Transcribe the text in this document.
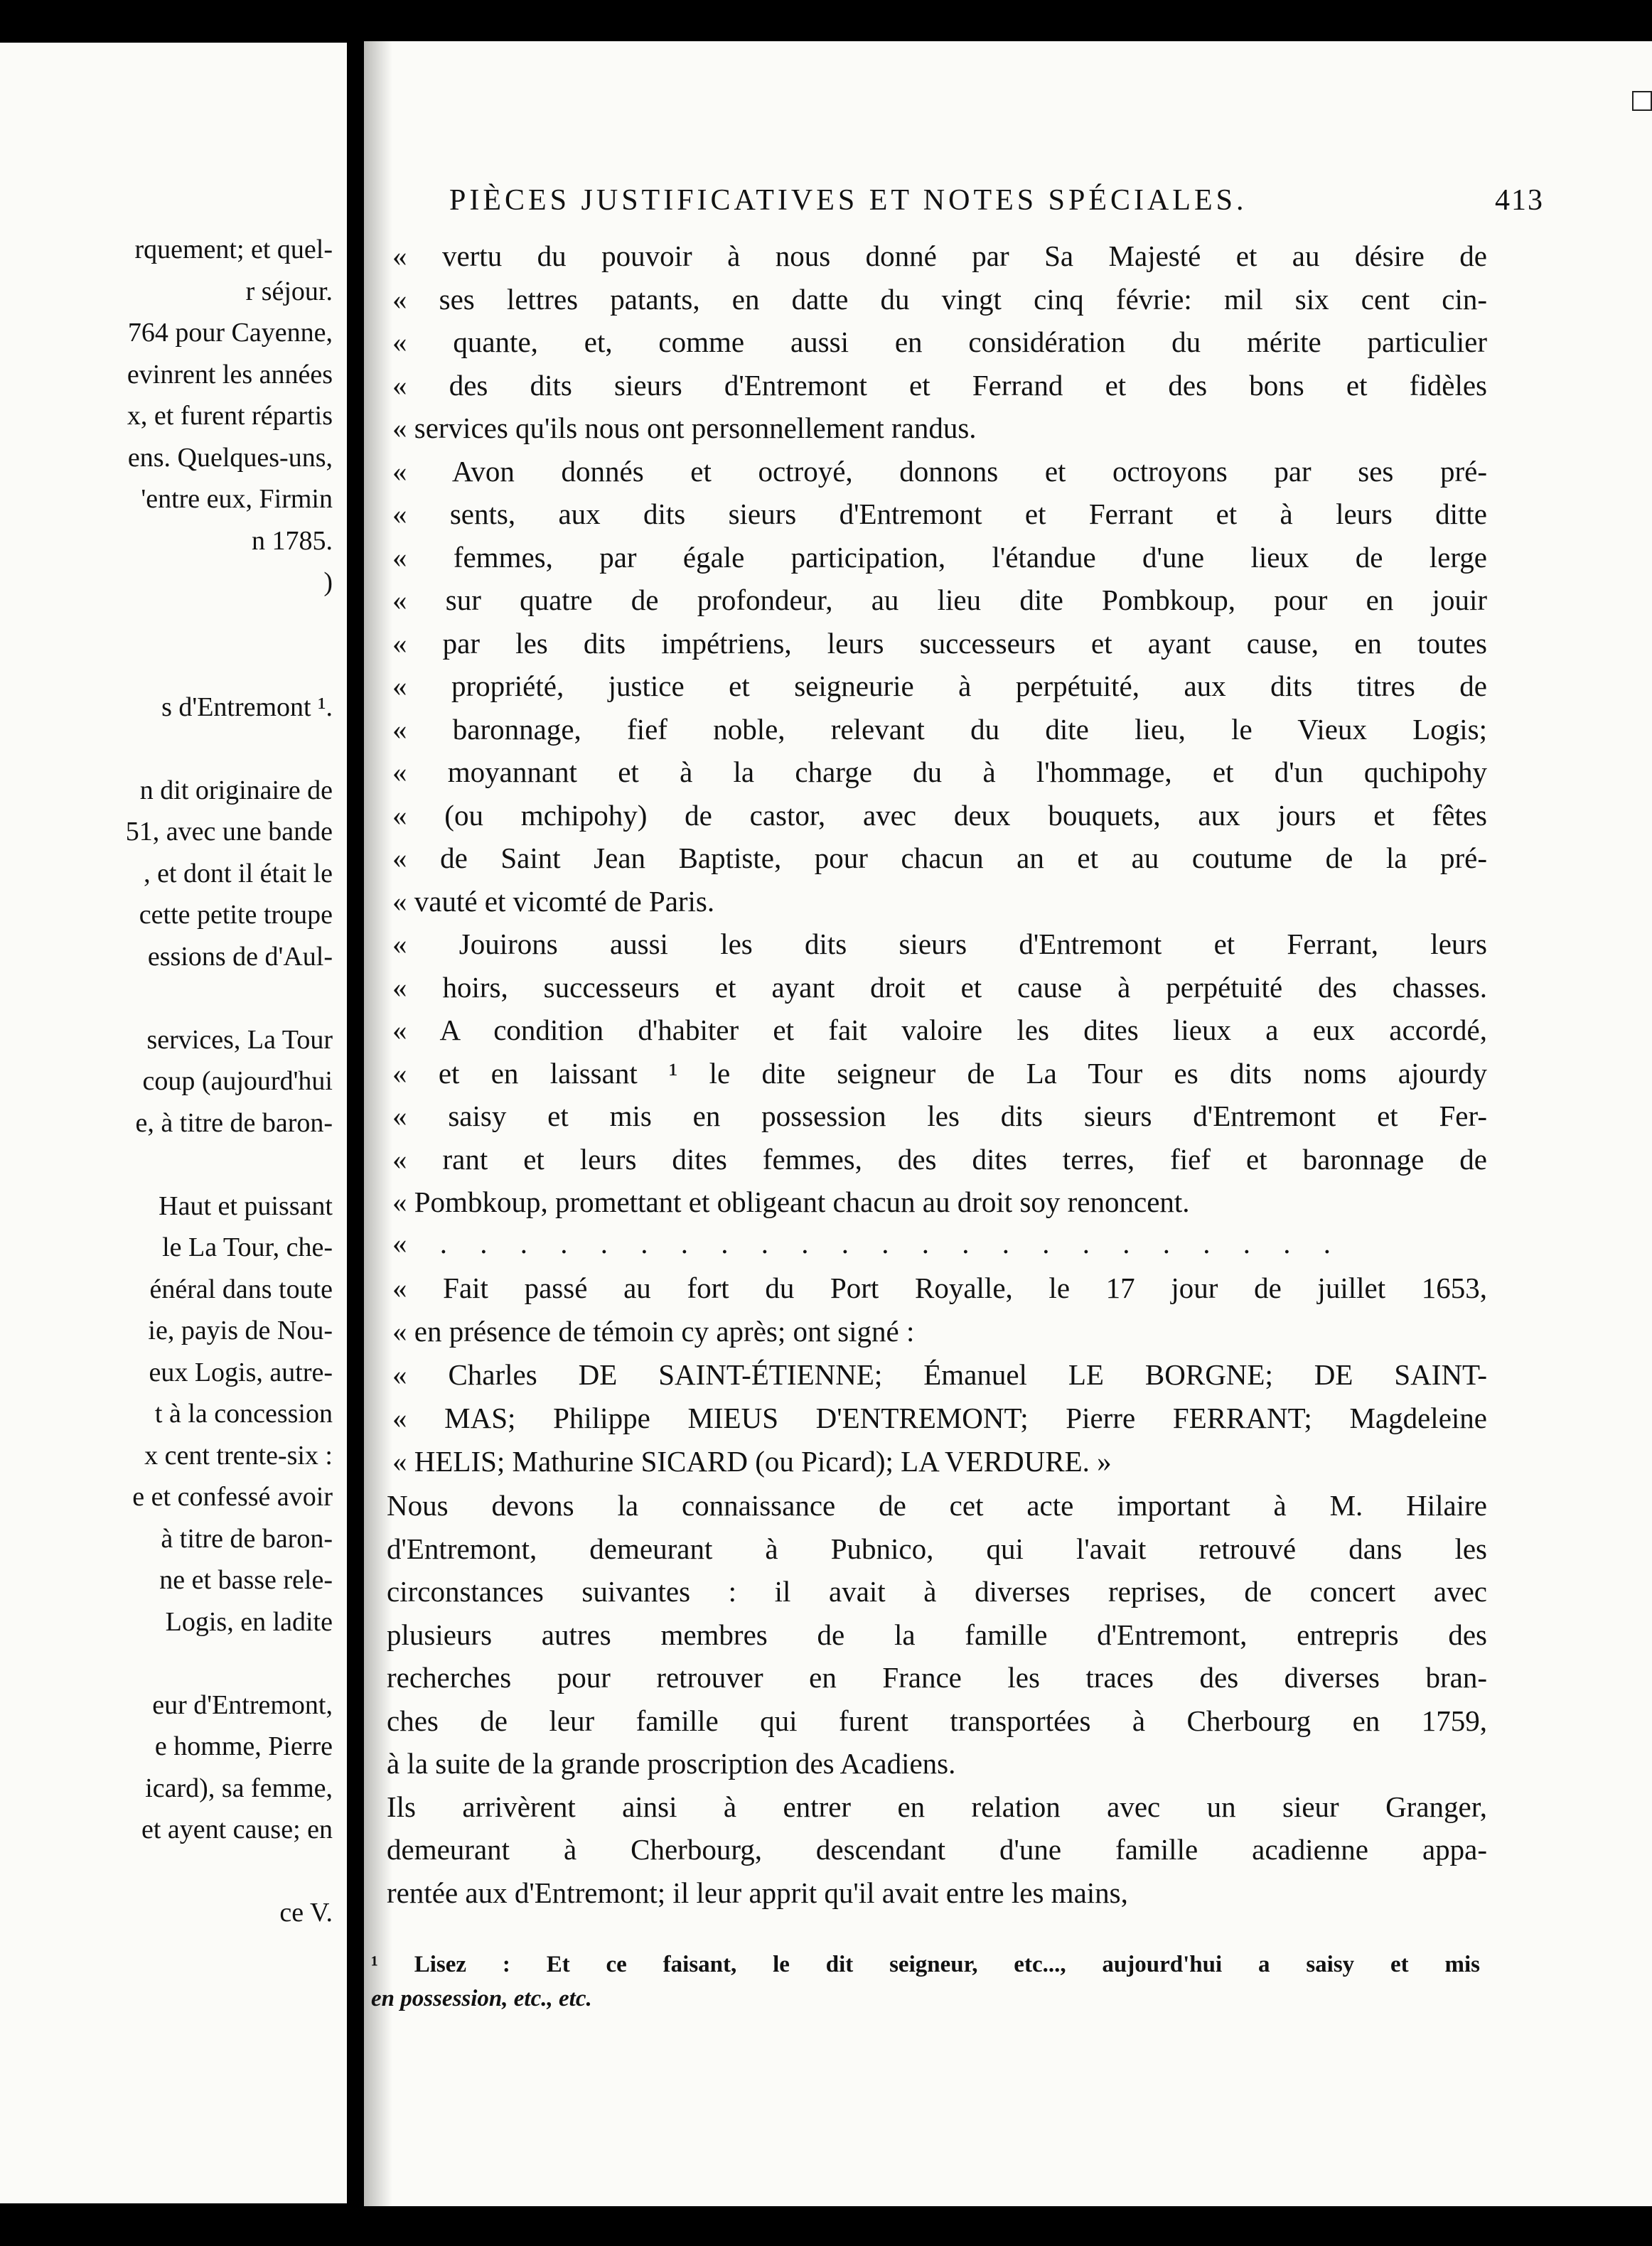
rquement; et quel-
r séjour.
764 pour Cayenne,
evinrent les années
x, et furent répartis
ens. Quelques-uns,
'entre eux, Firmin
n 1785.
)
s d'Entremont ¹.
n dit originaire de
51, avec une bande
, et dont il était le
cette petite troupe
essions de d'Aul-
services, La Tour
coup (aujourd'hui
e, à titre de baron-
Haut et puissant
le La Tour, che-
énéral dans toute
ie, payis de Nou-
eux Logis, autre-
t à la concession
x cent trente-six :
e et confessé avoir
à titre de baron-
ne et basse rele-
Logis, en ladite
eur d'Entremont,
e homme, Pierre
icard), sa femme,
et ayent cause; en
ce V.
PIÈCES JUSTIFICATIVES ET NOTES SPÉCIALES.	413
« vertu du pouvoir à nous donné par Sa Majesté et au désire de
« ses lettres patants, en datte du vingt cinq févrie: mil six cent cin-
« quante, et, comme aussi en considération du mérite particulier
« des dits sieurs d'Entremont et Ferrand et des bons et fidèles
« services qu'ils nous ont personnellement randus.
« Avon donnés et octroyé, donnons et octroyons par ses pré-
« sents, aux dits sieurs d'Entremont et Ferrant et à leurs ditte
« femmes, par égale participation, l'étandue d'une lieux de lerge
« sur quatre de profondeur, au lieu dite Pombkoup, pour en jouir
« par les dits impétriens, leurs successeurs et ayant cause, en toutes
« propriété, justice et seigneurie à perpétuité, aux dits titres de
« baronnage, fief noble, relevant du dite lieu, le Vieux Logis;
« moyannant et à la charge du à l'hommage, et d'un quchipohy
« (ou mchipohy) de castor, avec deux bouquets, aux jours et fêtes
« de Saint Jean Baptiste, pour chacun an et au coutume de la pré-
« vauté et vicomté de Paris.
« Jouirons aussi les dits sieurs d'Entremont et Ferrant, leurs
« hoirs, successeurs et ayant droit et cause à perpétuité des chasses.
« A condition d'habiter et fait valoire les dites lieux a eux accordé,
« et en laissant ¹ le dite seigneur de La Tour es dits noms ajourdy
« saisy et mis en possession les dits sieurs d'Entremont et Fer-
« rant et leurs dites femmes, des dites terres, fief et baronnage de
« Pombkoup, promettant et obligeant chacun au droit soy renoncent.
« . . . . . . . . . . . . . . . . . . . . . . .
« Fait passé au fort du Port Royalle, le 17 jour de juillet 1653,
« en présence de témoin cy après; ont signé :
« Charles DE SAINT-ÉTIENNE; Émanuel LE BORGNE; DE SAINT-
« MAS; Philippe MIEUS D'ENTREMONT; Pierre FERRANT; Magdeleine
« HELIS; Mathurine SICARD (ou Picard); LA VERDURE. »
Nous devons la connaissance de cet acte important à M. Hilaire
d'Entremont, demeurant à Pubnico, qui l'avait retrouvé dans les
circonstances suivantes : il avait à diverses reprises, de concert avec
plusieurs autres membres de la famille d'Entremont, entrepris des
recherches pour retrouver en France les traces des diverses bran-
ches de leur famille qui furent transportées à Cherbourg en 1759,
à la suite de la grande proscription des Acadiens.
Ils arrivèrent ainsi à entrer en relation avec un sieur Granger,
demeurant à Cherbourg, descendant d'une famille acadienne appa-
rentée aux d'Entremont; il leur apprit qu'il avait entre les mains,
¹ Lisez : Et ce faisant, le dit seigneur, etc..., aujourd'hui a saisy et mis
en possession, etc., etc.
